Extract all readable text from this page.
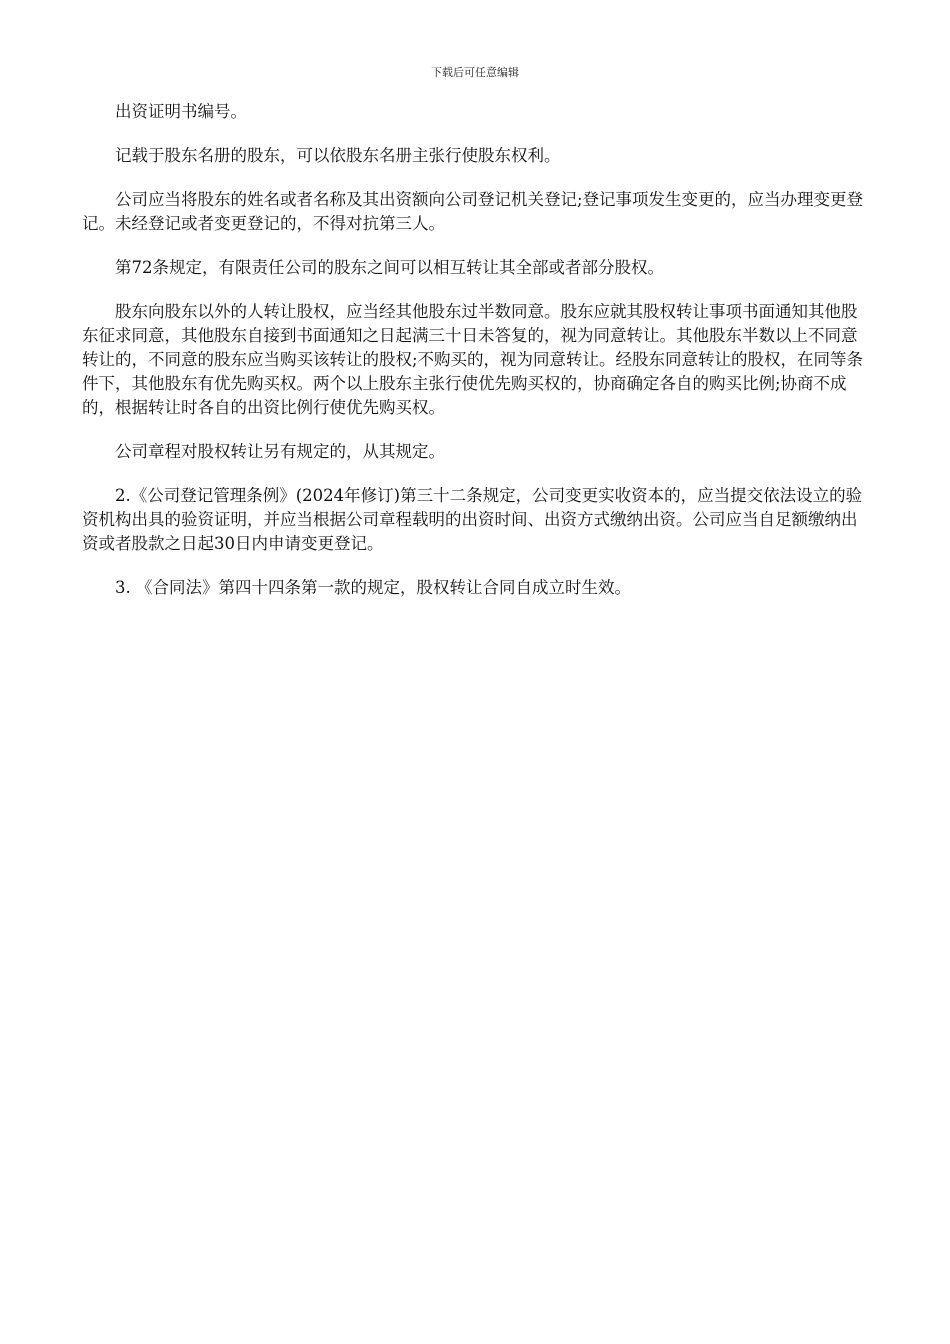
下载后可任意编辑

出资证明书编号。

记载于股东名册的股东，可以依股东名册主张行使股东权利。

公司应当将股东的姓名或者名称及其出资额向公司登记机关登记;登记事项发生变更的，应当办理变更登记。未经登记或者变更登记的，不得对抗第三人。

第72条规定，有限责任公司的股东之间可以相互转让其全部或者部分股权。

股东向股东以外的人转让股权，应当经其他股东过半数同意。股东应就其股权转让事项书面通知其他股东征求同意，其他股东自接到书面通知之日起满三十日未答复的，视为同意转让。其他股东半数以上不同意转让的，不同意的股东应当购买该转让的股权;不购买的，视为同意转让。经股东同意转让的股权，在同等条件下，其他股东有优先购买权。两个以上股东主张行使优先购买权的，协商确定各自的购买比例;协商不成的，根据转让时各自的出资比例行使优先购买权。

公司章程对股权转让另有规定的，从其规定。

2.《公司登记管理条例》(2024年修订)第三十二条规定，公司变更实收资本的，应当提交依法设立的验资机构出具的验资证明，并应当根据公司章程载明的出资时间、出资方式缴纳出资。公司应当自足额缴纳出资或者股款之日起30日内申请变更登记。

3. 《合同法》第四十四条第一款的规定，股权转让合同自成立时生效。
